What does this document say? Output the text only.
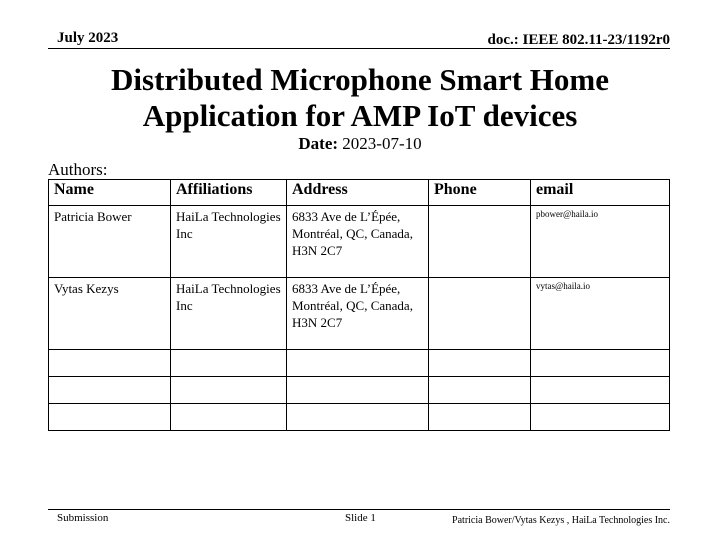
July 2023	doc.: IEEE 802.11-23/1192r0
Distributed Microphone Smart Home
Application for AMP IoT devices
Date: 2023-07-10
Authors:
Name	Affiliations	Address	Phone	email
Patricia Bower	HaiLa Technologies Inc	6833 Ave de L’Épée, Montréal, QC, Canada, H3N 2C7		pbower@haila.io
Vytas Kezys	HaiLa Technologies Inc	6833 Ave de L’Épée, Montréal, QC, Canada, H3N 2C7		vytas@haila.io

Submission	Slide 1	Patricia Bower/Vytas Kezys , HaiLa Technologies Inc.
